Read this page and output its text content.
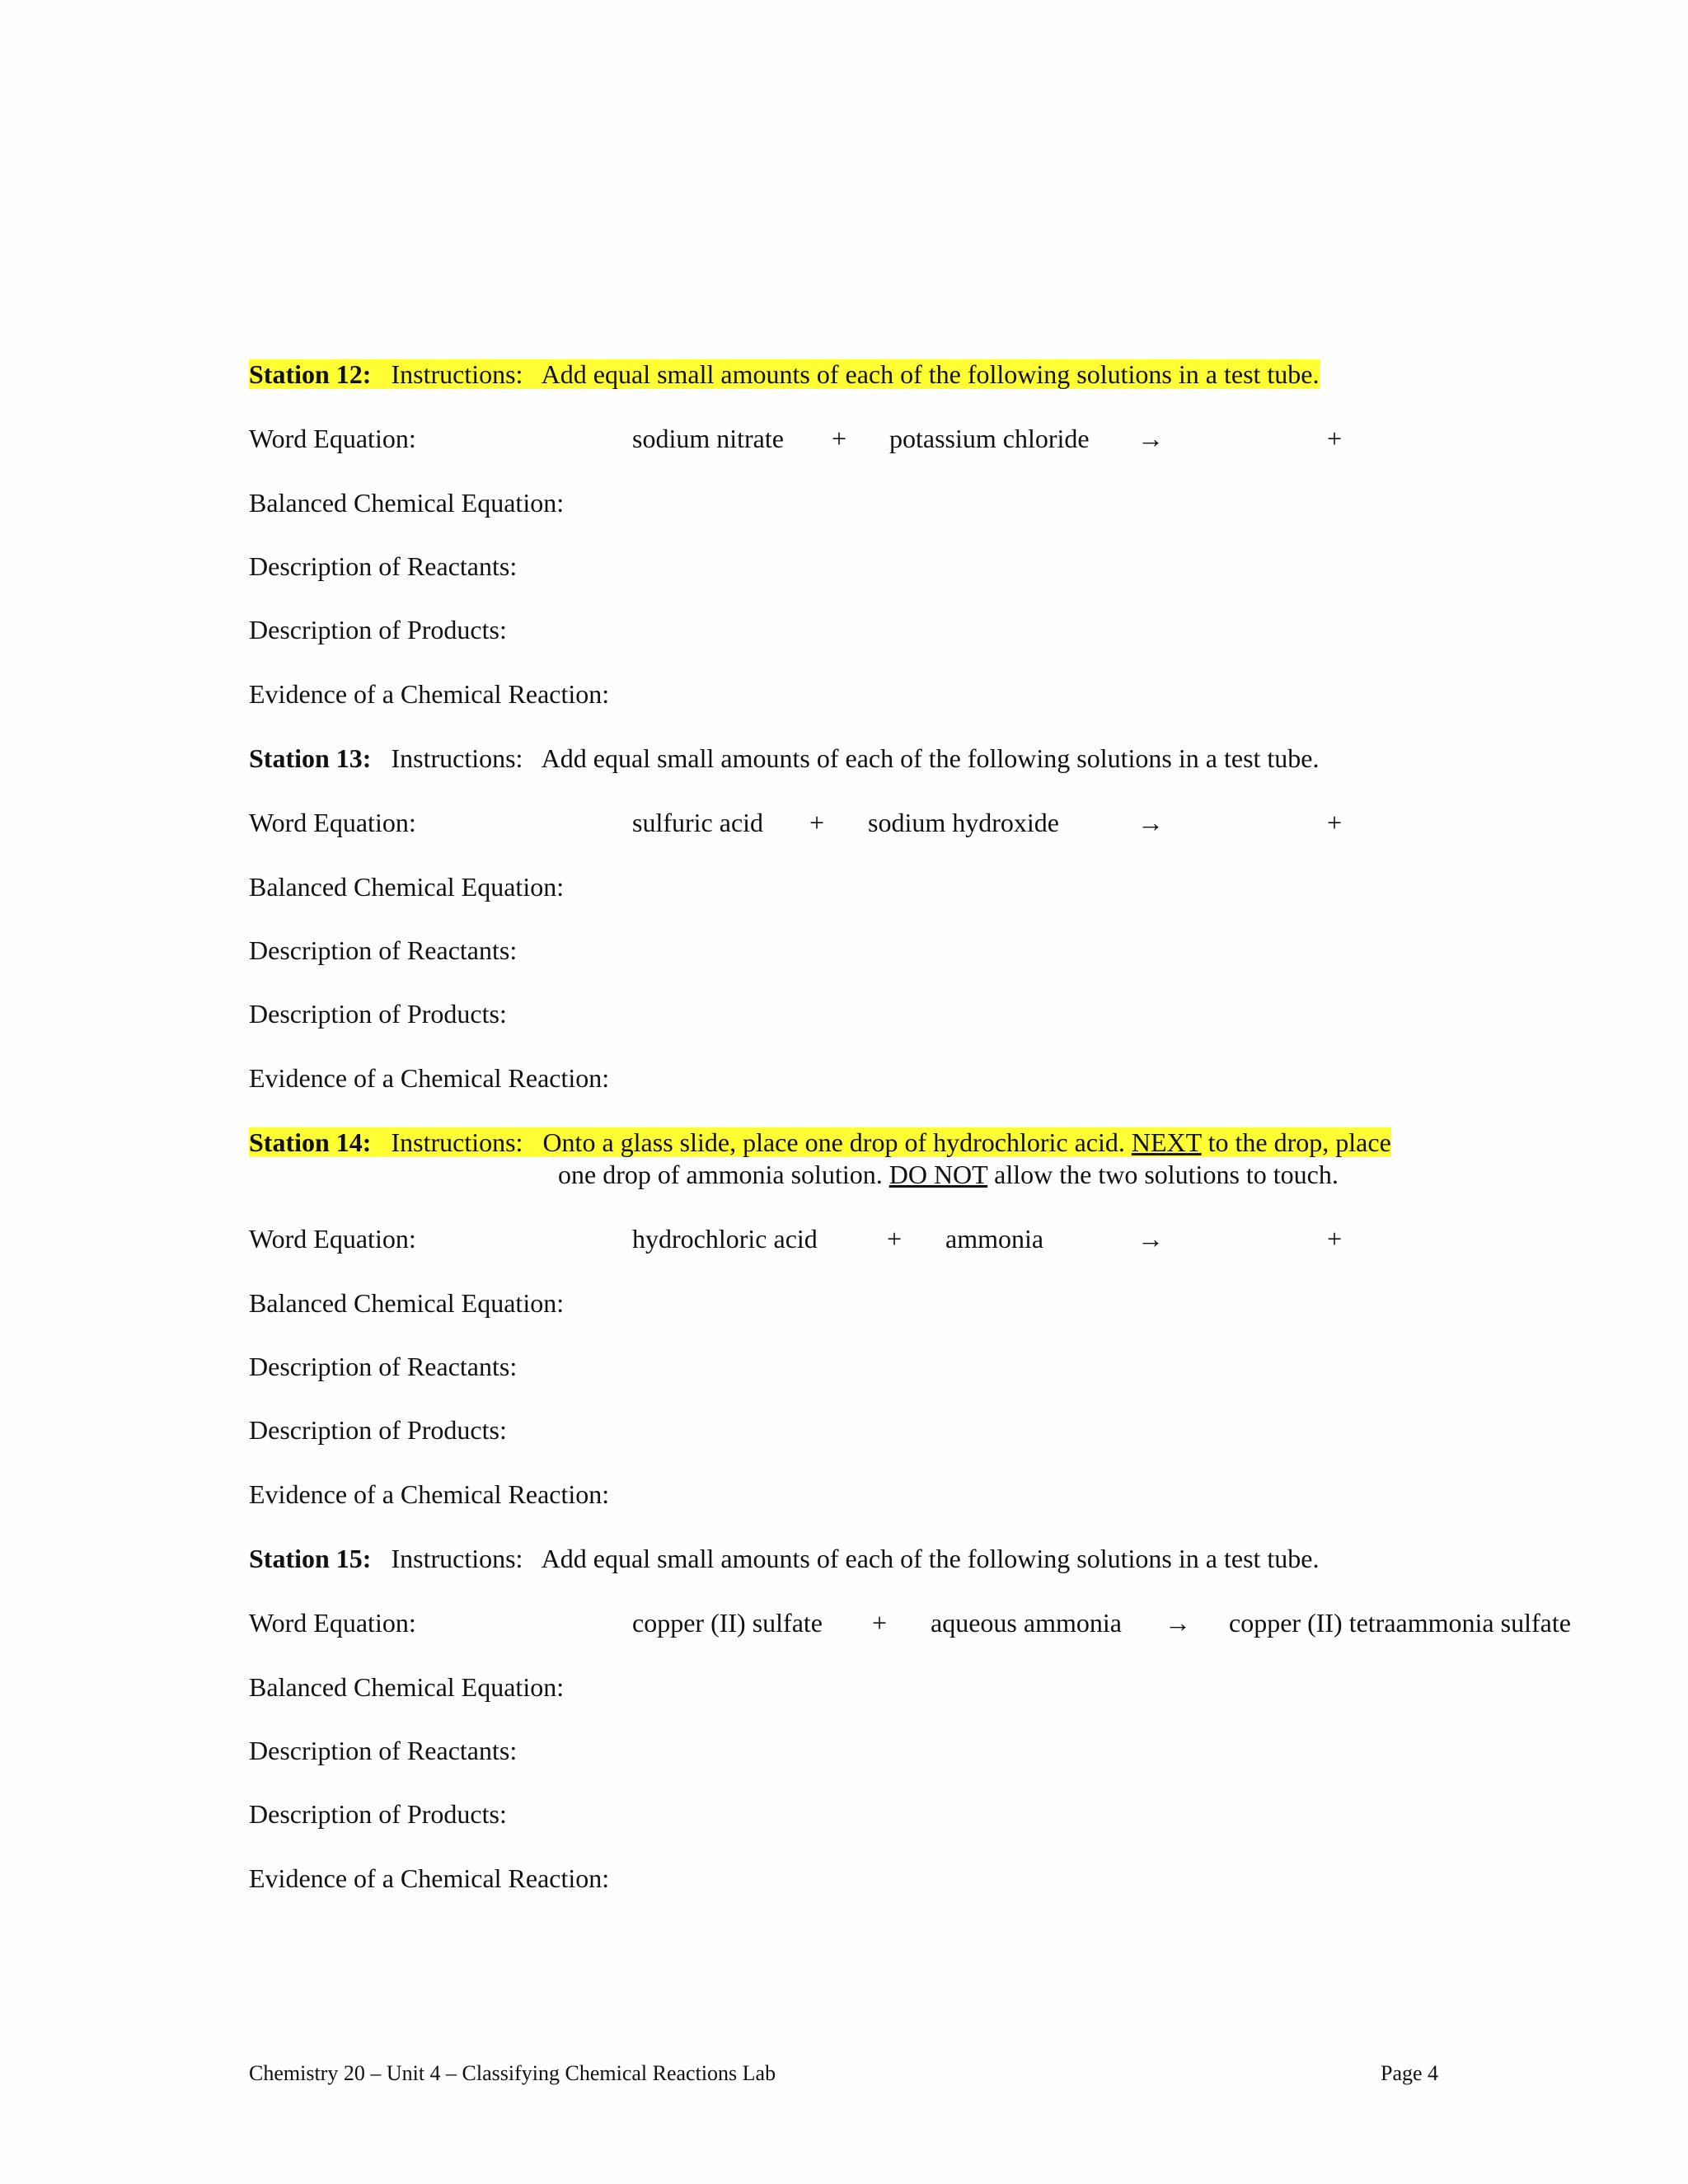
Station 12: Instructions: Add equal small amounts of each of the following solutions in a test tube.
Word Equation:	sodium nitrate + potassium chloride →	+
Balanced Chemical Equation:
Description of Reactants:
Description of Products:
Evidence of a Chemical Reaction:
Station 13: Instructions: Add equal small amounts of each of the following solutions in a test tube.
Word Equation:	sulfuric acid + sodium hydroxide	→	+
Balanced Chemical Equation:
Description of Reactants:
Description of Products:
Evidence of a Chemical Reaction:
Station 14: Instructions: Onto a glass slide, place one drop of hydrochloric acid. NEXT to the drop, place
one drop of ammonia solution. DO NOT allow the two solutions to touch.
Word Equation:	hydrochloric acid	+ ammonia	→	+
Balanced Chemical Equation:
Description of Reactants:
Description of Products:
Evidence of a Chemical Reaction:
Station 15: Instructions: Add equal small amounts of each of the following solutions in a test tube.
Word Equation:	copper (II) sulfate + aqueous ammonia → copper (II) tetraammonia sulfate
Balanced Chemical Equation:
Description of Reactants:
Description of Products:
Evidence of a Chemical Reaction:
Chemistry 20 – Unit 4 – Classifying Chemical Reactions Lab	Page 4
